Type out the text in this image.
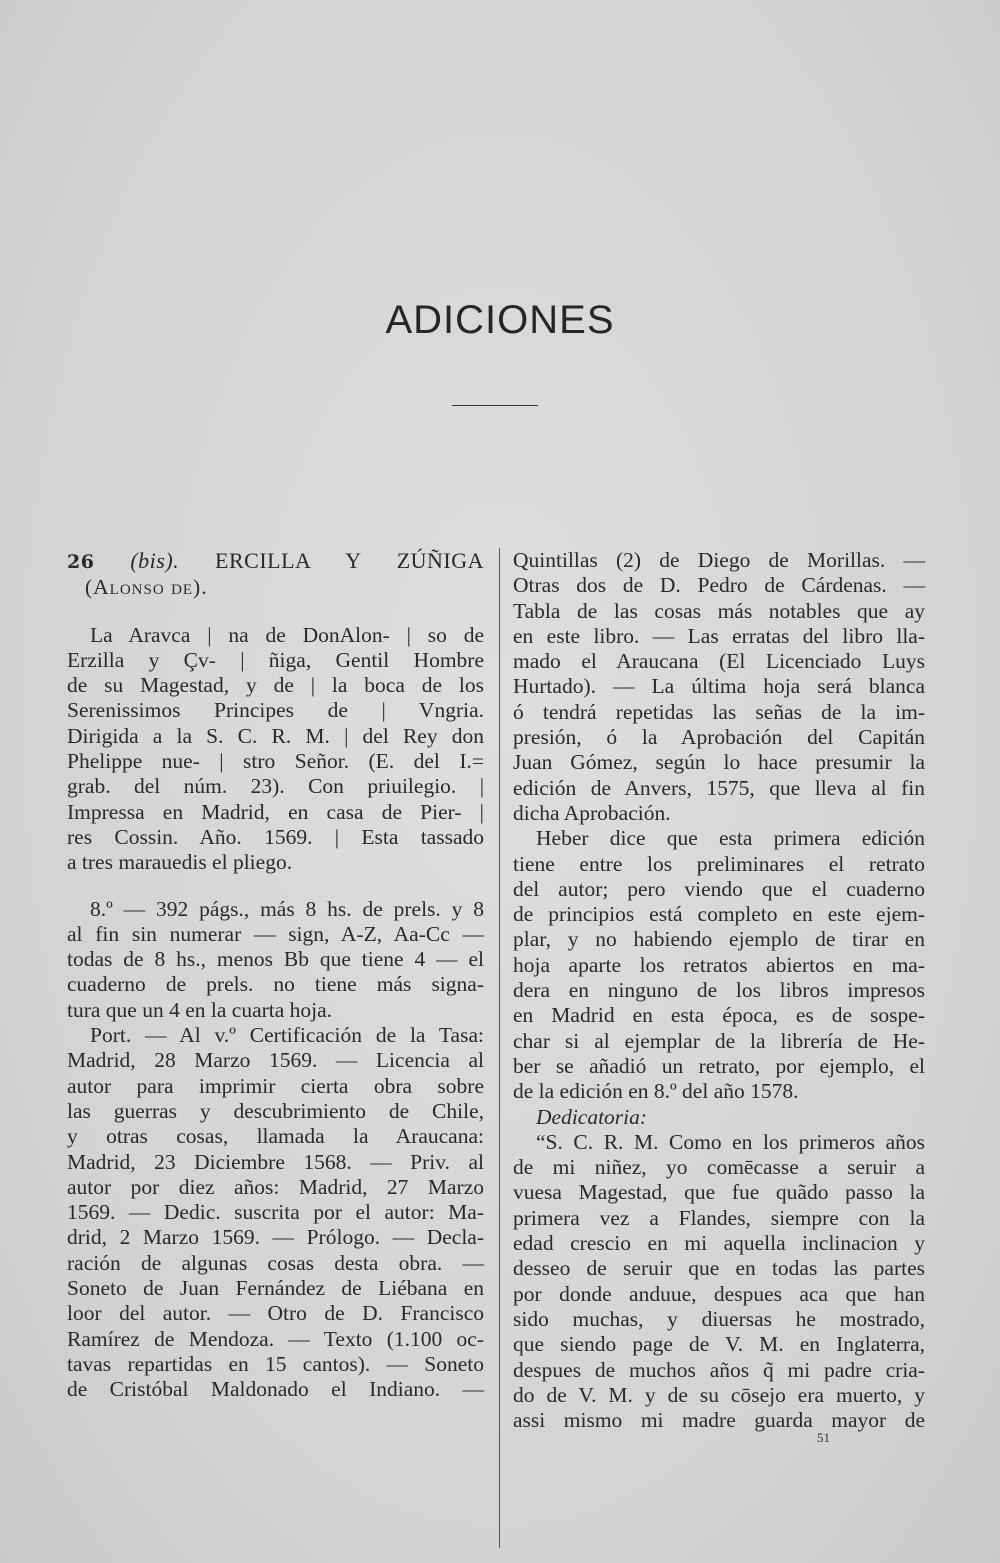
ADICIONES
26 (bis). ERCILLA Y ZÚÑIGA
(Alonso de).
La Aravca | na de DonAlon- | so de
Erzilla y Çv- | ñiga, Gentil Hombre
de su Magestad, y de | la boca de los
Serenissimos Principes de | Vngria.
Dirigida a la S. C. R. M. | del Rey don
Phelippe nue- | stro Señor. (E. del I.=
grab. del núm. 23). Con priuilegio. |
Impressa en Madrid, en casa de Pier- |
res Cossin. Año. 1569. | Esta tassado
a tres marauedis el pliego.
8.º — 392 págs., más 8 hs. de prels. y 8
al fin sin numerar — sign, A-Z, Aa-Cc —
todas de 8 hs., menos Bb que tiene 4 — el
cuaderno de prels. no tiene más signa-
tura que un 4 en la cuarta hoja.
Port. — Al v.º Certificación de la Tasa:
Madrid, 28 Marzo 1569. — Licencia al
autor para imprimir cierta obra sobre
las guerras y descubrimiento de Chile,
y otras cosas, llamada la Araucana:
Madrid, 23 Diciembre 1568. — Priv. al
autor por diez años: Madrid, 27 Marzo
1569. — Dedic. suscrita por el autor: Ma-
drid, 2 Marzo 1569. — Prólogo. — Decla-
ración de algunas cosas desta obra. —
Soneto de Juan Fernández de Liébana en
loor del autor. — Otro de D. Francisco
Ramírez de Mendoza. — Texto (1.100 oc-
tavas repartidas en 15 cantos). — Soneto
de Cristóbal Maldonado el Indiano. —
Quintillas (2) de Diego de Morillas. —
Otras dos de D. Pedro de Cárdenas. —
Tabla de las cosas más notables que ay
en este libro. — Las erratas del libro lla-
mado el Araucana (El Licenciado Luys
Hurtado). — La última hoja será blanca
ó tendrá repetidas las señas de la im-
presión, ó la Aprobación del Capitán
Juan Gómez, según lo hace presumir la
edición de Anvers, 1575, que lleva al fin
dicha Aprobación.
Heber dice que esta primera edición
tiene entre los preliminares el retrato
del autor; pero viendo que el cuaderno
de principios está completo en este ejem-
plar, y no habiendo ejemplo de tirar en
hoja aparte los retratos abiertos en ma-
dera en ninguno de los libros impresos
en Madrid en esta época, es de sospe-
char si al ejemplar de la librería de He-
ber se añadió un retrato, por ejemplo, el
de la edición en 8.º del año 1578.
Dedicatoria:
“S. C. R. M. Como en los primeros años
de mi niñez, yo comēcasse a seruir a
vuesa Magestad, que fue quãdo passo la
primera vez a Flandes, siempre con la
edad crescio en mi aquella inclinacion y
desseo de seruir que en todas las partes
por donde anduue, despues aca que han
sido muchas, y diuersas he mostrado,
que siendo page de V. M. en Inglaterra,
despues de muchos años q̃ mi padre cria-
do de V. M. y de su cōsejo era muerto, y
assi mismo mi madre guarda mayor de
51
